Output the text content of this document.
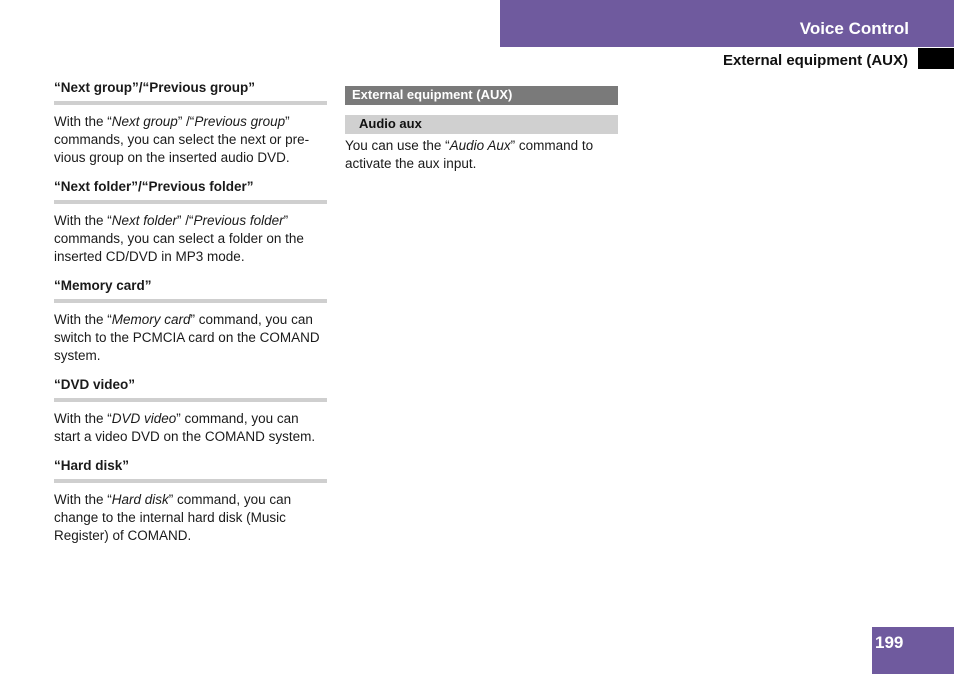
Voice Control
External equipment (AUX)

“Next group”/“Previous group”

With the “Next group” /“Previous group” commands, you can select the next or pre-vious group on the inserted audio DVD.

“Next folder”/“Previous folder”

With the “Next folder” /“Previous folder” commands, you can select a folder on the inserted CD/DVD in MP3 mode.

“Memory card”

With the “Memory card” command, you can switch to the PCMCIA card on the COMAND system.

“DVD video”

With the “DVD video” command, you can start a video DVD on the COMAND system.

“Hard disk”

With the “Hard disk” command, you can change to the internal hard disk (Music Register) of COMAND.

External equipment (AUX)
Audio aux

You can use the “Audio Aux” command to activate the aux input.

199
